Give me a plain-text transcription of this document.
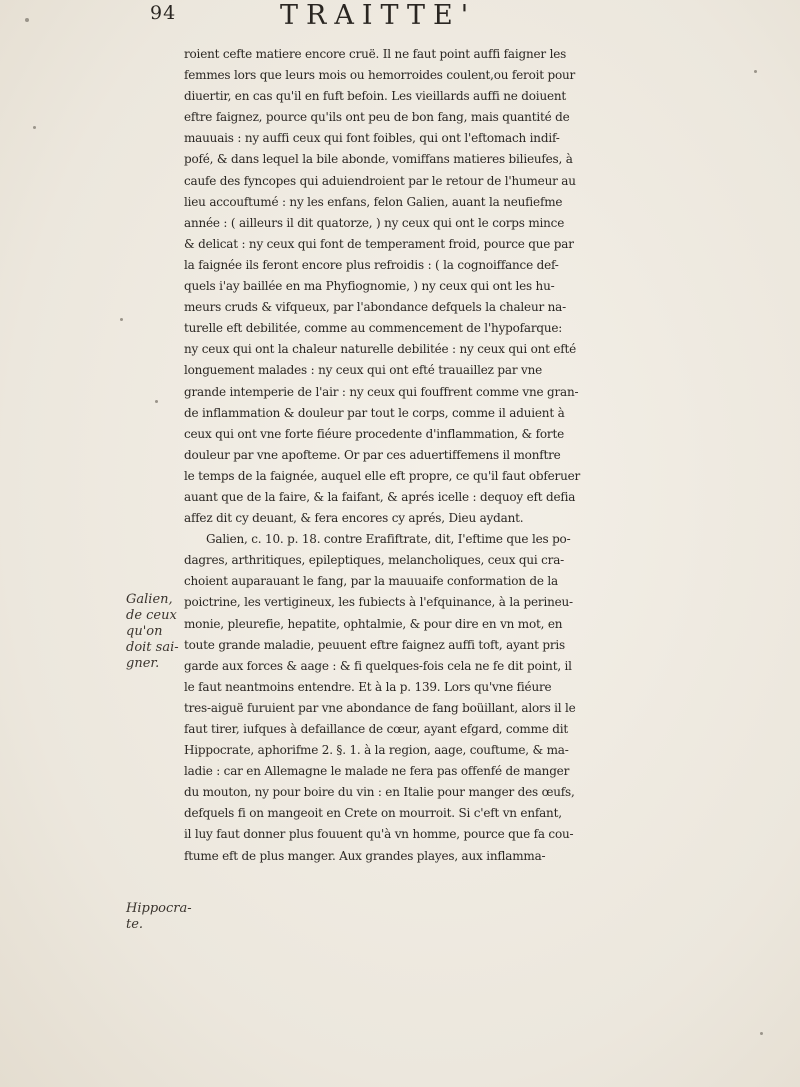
94	TRAITTE'
Galien, de ceux qu'on doit sai-gner.
Hippocra-te.
roient cefte matiere encore cruë. Il ne faut point auffi faigner les
femmes lors que leurs mois ou hemorroides coulent,ou feroit pour
diuertir, en cas qu'il en fuft befoin. Les vieillards auffi ne doiuent
eftre faignez, pource qu'ils ont peu de bon fang, mais quantité de
mauuais : ny auffi ceux qui font foibles, qui ont l'eftomach indif-
pofé, & dans lequel la bile abonde, vomiffans matieres bilieufes, à
caufe des fyncopes qui aduiendroient par le retour de l'humeur au
lieu accouftumé : ny les enfans, felon Galien, auant la neufiefme
année : ( ailleurs il dit quatorze, ) ny ceux qui ont le corps mince
& delicat : ny ceux qui font de temperament froid, pource que par
la faignée ils feront encore plus refroidis : ( la cognoiffance def-
quels i'ay baillée en ma Phyfiognomie, ) ny ceux qui ont les hu-
meurs cruds & vifqueux, par l'abondance defquels la chaleur na-
turelle eft debilitée, comme au commencement de l'hypofarque:
ny ceux qui ont la chaleur naturelle debilitée : ny ceux qui ont efté
longuement malades : ny ceux qui ont efté trauaillez par vne
grande intemperie de l'air : ny ceux qui fouffrent comme vne gran-
de inflammation & douleur par tout le corps, comme il aduient à
ceux qui ont vne forte fiéure procedente d'inflammation, & forte
douleur par vne apofteme. Or par ces aduertiffemens il monftre
le temps de la faignée, auquel elle eft propre, ce qu'il faut obferuer
auant que de la faire, & la faifant, & aprés icelle : dequoy eft defia
affez dit cy deuant, & fera encores cy aprés, Dieu aydant.
Galien, c. 10. p. 18. contre Erafiftrate, dit, I'eftime que les po-
dagres, arthritiques, epileptiques, melancholiques, ceux qui cra-
choient auparauant le fang, par la mauuaife conformation de la
poictrine, les vertigineux, les fubiects à l'efquinance, à la perineu-
monie, pleurefie, hepatite, ophtalmie, & pour dire en vn mot, en
toute grande maladie, peuuent eftre faignez auffi toft, ayant pris
garde aux forces & aage : & fi quelques-fois cela ne fe dit point, il
le faut neantmoins entendre. Et à la p. 139. Lors qu'vne fiéure
tres-aiguë furuient par vne abondance de fang boüillant, alors il le
faut tirer, iufques à defaillance de cœur, ayant efgard, comme dit
Hippocrate, aphorifme 2. §. 1. à la region, aage, couftume, & ma-
ladie : car en Allemagne le malade ne fera pas offenfé de manger
du mouton, ny pour boire du vin : en Italie pour manger des œufs,
defquels fi on mangeoit en Crete on mourroit. Si c'eft vn enfant,
il luy faut donner plus fouuent qu'à vn homme, pource que fa cou-
ftume eft de plus manger. Aux grandes playes, aux inflamma-
